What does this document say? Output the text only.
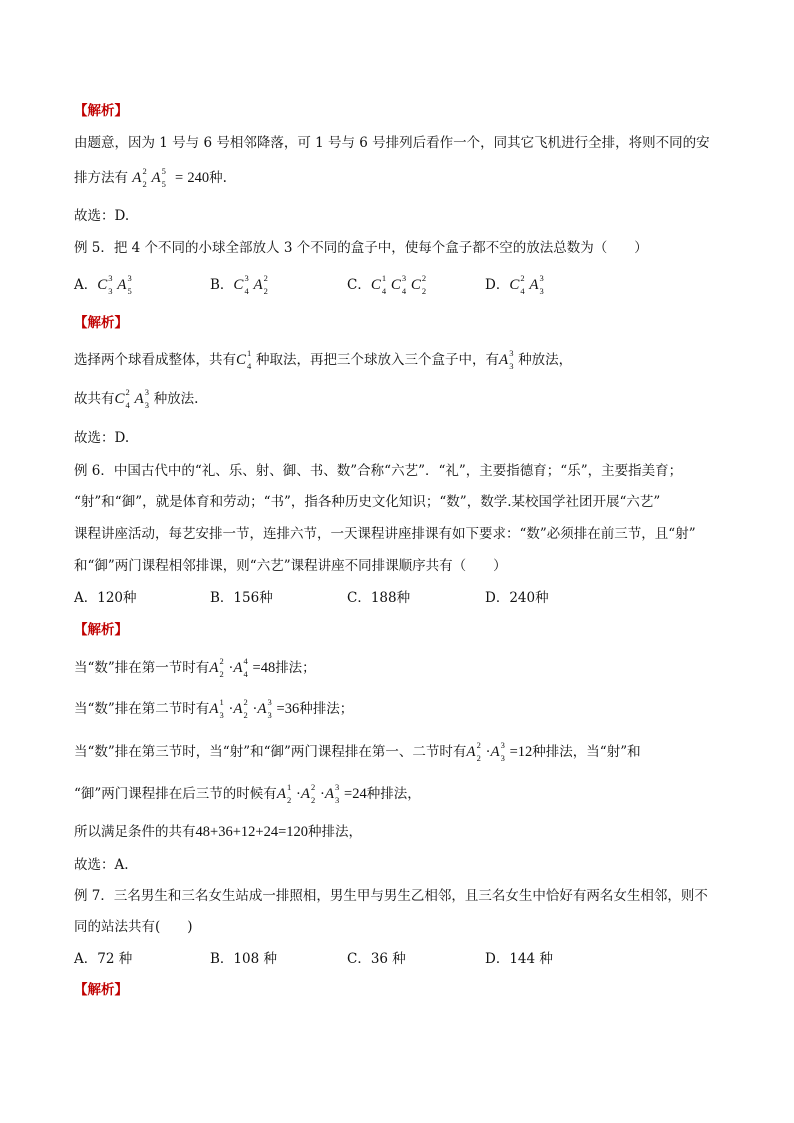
【解析】
由题意，因为 1 号与 6 号相邻降落，可 1 号与 6 号排列后看作一个，同其它飞机进行全排，将则不同的安
排方法有 A 2
2 A 5
5 = 240种.
故选：D.
例 5．把 4 个不同的小球全部放人 3 个不同的盒子中，使每个盒子都不空的放法总数为（　　）
A．C 3
3 A 3
5	B．C 3
4 A 2
2	C．C 1
4 C 3
4 C 2
2	D．C 2
4 A 3
3
【解析】
选择两个球看成整体，共有C 1
4 种取法，再把三个球放入三个盒子中，有A 3
3 种放法，
故共有C 2
4 A 3
3 种放法.
故选：D.
例 6．中国古代中的“礼、乐、射、御、书、数”合称“六艺”．“礼”，主要指德育；“乐”，主要指美育；
“射”和“御”，就是体育和劳动；“书”，指各种历史文化知识；“数”，数学.某校国学社团开展“六艺”
课程讲座活动，每艺安排一节，连排六节，一天课程讲座排课有如下要求：“数”必须排在前三节，且“射”
和“御”两门课程相邻排课，则“六艺”课程讲座不同排课顺序共有（　　）
A．120种	B．156种	C．188种	D．240种
【解析】
当“数”排在第一节时有A 2
2 ·A 4
4 =48排法；
当“数”排在第二节时有A 1
3 ·A 2
2 ·A 3
3 =36种排法；
当“数”排在第三节时，当“射”和“御”两门课程排在第一、二节时有A 2
2 ·A 3
3 =12种排法，当“射”和
“御”两门课程排在后三节的时候有A 1
2 ·A 2
2 ·A 3
3 =24种排法，
所以满足条件的共有48+36+12+24=120种排法，
故选：A.
例 7．三名男生和三名女生站成一排照相，男生甲与男生乙相邻，且三名女生中恰好有两名女生相邻，则不
同的站法共有(　　)
A．72 种	B．108 种	C．36 种	D．144 种
【解析】
